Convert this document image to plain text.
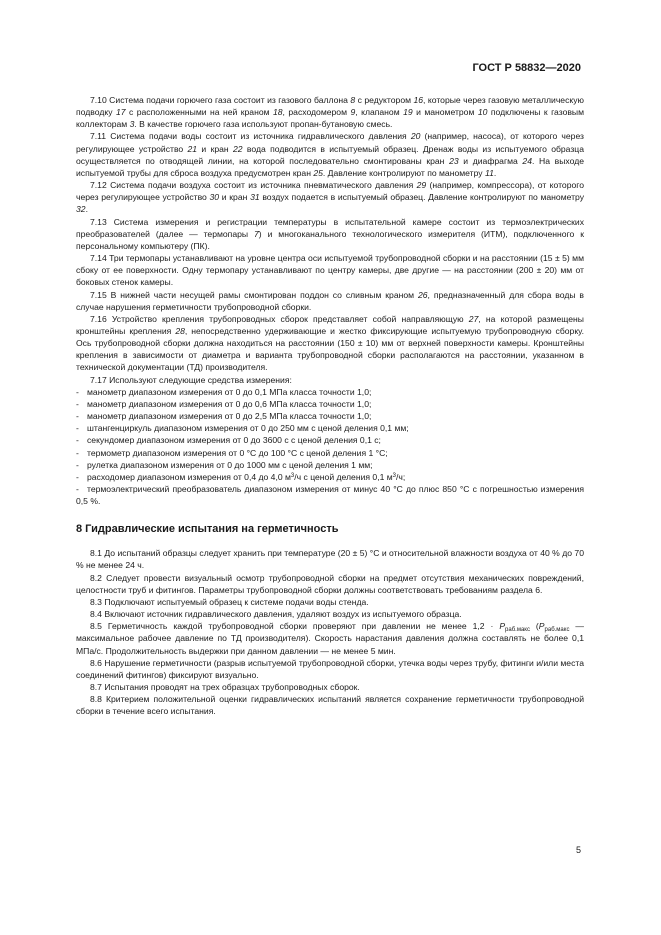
ГОСТ Р 58832—2020

7.10 Система подачи горючего газа состоит из газового баллона 8 с редуктором 16, которые через газовую металлическую подводку 17 с расположенными на ней краном 18, расходомером 9, клапаном 19 и манометром 10 подключены к газовым коллекторам 3. В качестве горючего газа используют пропан-бутановую смесь.

7.11 Система подачи воды состоит из источника гидравлического давления 20 (например, насоса), от которого через регулирующее устройство 21 и кран 22 вода подводится в испытуемый образец. Дренаж воды из испытуемого образца осуществляется по отводящей линии, на которой последовательно смонтированы кран 23 и диафрагма 24. На выходе испытуемой трубы для сброса воздуха предусмотрен кран 25. Давление контролируют по манометру 11.

7.12 Система подачи воздуха состоит из источника пневматического давления 29 (например, компрессора), от которого через регулирующее устройство 30 и кран 31 воздух подается в испытуемый образец. Давление контролируют по манометру 32.

7.13 Система измерения и регистрации температуры в испытательной камере состоит из термоэлектрических преобразователей (далее — термопары 7) и многоканального технологического измерителя (ИТМ), подключенного к персональному компьютеру (ПК).

7.14 Три термопары устанавливают на уровне центра оси испытуемой трубопроводной сборки и на расстоянии (15 ± 5) мм сбоку от ее поверхности. Одну термопару устанавливают по центру камеры, две другие — на расстоянии (200 ± 20) мм от боковых стенок камеры.

7.15 В нижней части несущей рамы смонтирован поддон со сливным краном 26, предназначенный для сбора воды в случае нарушения герметичности трубопроводной сборки.

7.16 Устройство крепления трубопроводных сборок представляет собой направляющую 27, на которой размещены кронштейны крепления 28, непосредственно удерживающие и жестко фиксирующие испытуемую трубопроводную сборку. Ось трубопроводной сборки должна находиться на расстоянии (150 ± 10) мм от верхней поверхности камеры. Кронштейны крепления в зависимости от диаметра и варианта трубопроводной сборки располагаются на расстоянии, указанном в технической документации (ТД) производителя.

7.17 Используют следующие средства измерения:

- манометр диапазоном измерения от 0 до 0,1 МПа класса точности 1,0;

- манометр диапазоном измерения от 0 до 0,6 МПа класса точности 1,0;

- манометр диапазоном измерения от 0 до 2,5 МПа класса точности 1,0;

- штангенциркуль диапазоном измерения от 0 до 250 мм с ценой деления 0,1 мм;

- секундомер диапазоном измерения от 0 до 3600 с с ценой деления 0,1 с;

- термометр диапазоном измерения от 0 °С до 100 °С с ценой деления 1 °С;

- рулетка диапазоном измерения от 0 до 1000 мм с ценой деления 1 мм;

- расходомер диапазоном измерения от 0,4 до 4,0 $м^3/ч$ с ценой деления 0,1 $м^3/ч$;

- термоэлектрический преобразователь диапазоном измерения от минус 40 °С до плюс 850 °С с погрешностью измерения 0,5 %.

8 Гидравлические испытания на герметичность

8.1 До испытаний образцы следует хранить при температуре (20 ± 5) °С и относительной влажности воздуха от 40 % до 70 % не менее 24 ч.

8.2 Следует провести визуальный осмотр трубопроводной сборки на предмет отсутствия механических повреждений, целостности труб и фитингов. Параметры трубопроводной сборки должны соответствовать требованиям раздела 6.

8.3 Подключают испытуемый образец к системе подачи воды стенда.

8.4 Включают источник гидравлического давления, удаляют воздух из испытуемого образца.

8.5 Герметичность каждой трубопроводной сборки проверяют при давлении не менее $1,2 \cdot P_{раб.макс}$ ($P_{раб.макс}$ — максимальное рабочее давление по ТД производителя). Скорость нарастания давления должна составлять не более 0,1 МПа/с. Продолжительность выдержки при данном давлении — не менее 5 мин.

8.6 Нарушение герметичности (разрыв испытуемой трубопроводной сборки, утечка воды через трубу, фитинги и/или места соединений фитингов) фиксируют визуально.

8.7 Испытания проводят на трех образцах трубопроводных сборок.

8.8 Критерием положительной оценки гидравлических испытаний является сохранение герметичности трубопроводной сборки в течение всего испытания.

5
